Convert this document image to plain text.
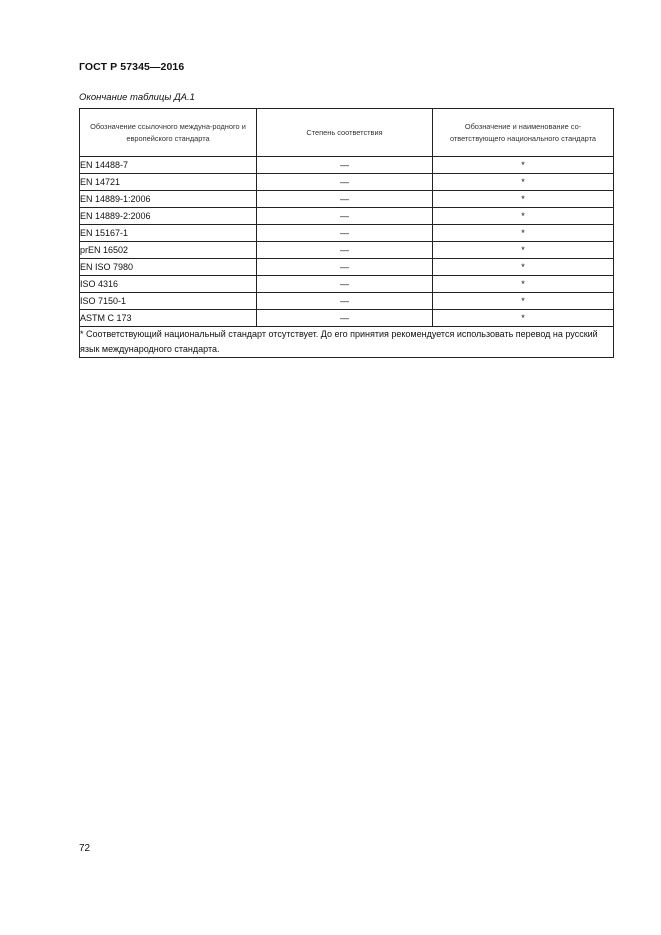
ГОСТ Р 57345—2016
Окончание таблицы ДА.1
Обозначение ссылочного междуна-родного и европейского стандарта	Степень соответствия	Обозначение и наименование со-ответствующего национального стандарта
EN 14488-7	—	*
EN 14721	—	*
EN 14889-1:2006	—	*
EN 14889-2:2006	—	*
EN 15167-1	—	*
prEN 16502	—	*
EN ISO 7980	—	*
ISO 4316	—	*
ISO 7150-1	—	*
ASTM C 173	—	*
* Соответствующий национальный стандарт отсутствует. До его принятия рекомендуется использовать перевод на русский язык международного стандарта.		
72
